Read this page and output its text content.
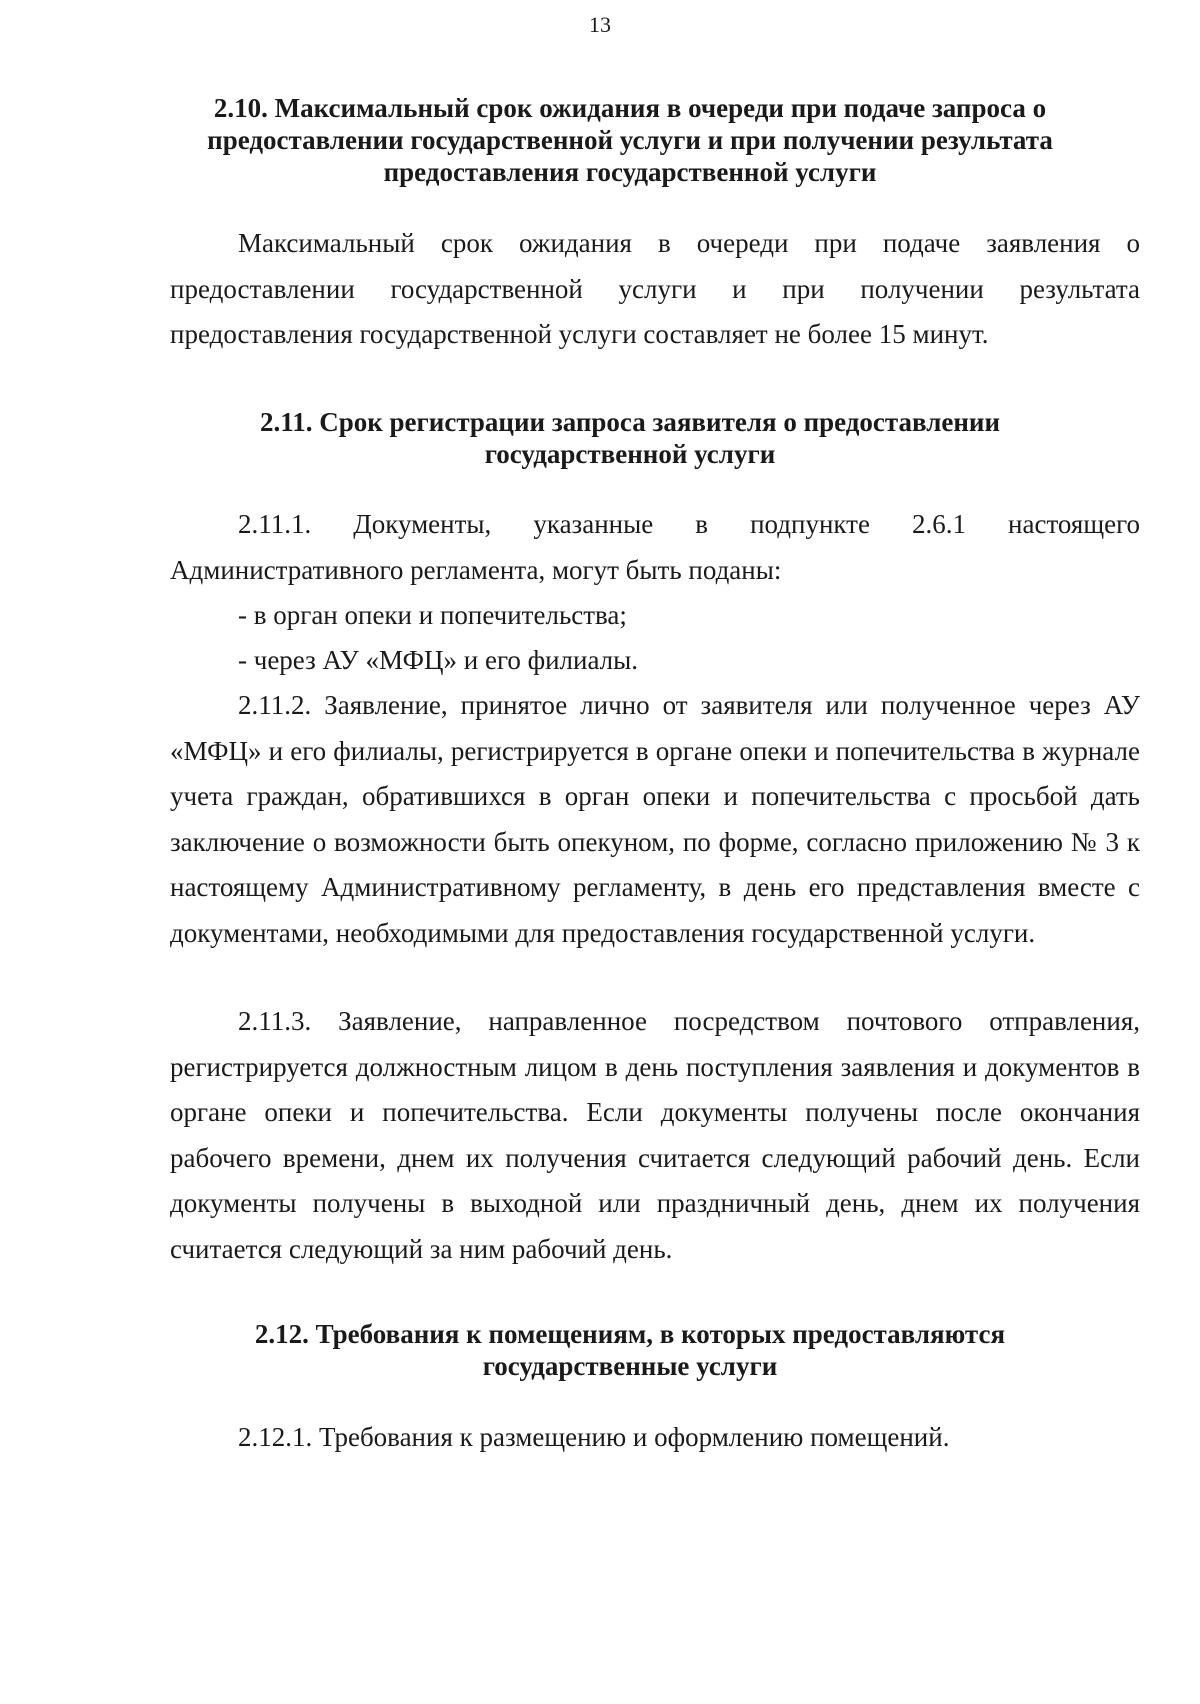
13
2.10. Максимальный срок ожидания в очереди при подаче запроса о
предоставлении государственной услуги и при получении результата
предоставления государственной услуги

Максимальный срок ожидания в очереди при подаче заявления о предоставлении государственной услуги и при получении результата предоставления государственной услуги составляет не более 15 минут.

2.11. Срок регистрации запроса заявителя о предоставлении
государственной услуги

2.11.1. Документы, указанные в подпункте 2.6.1 настоящего Административного регламента, могут быть поданы:

- в орган опеки и попечительства;

- через АУ «МФЦ» и его филиалы.

2.11.2. Заявление, принятое лично от заявителя или полученное через АУ «МФЦ» и его филиалы, регистрируется в органе опеки и попечительства в журнале учета граждан, обратившихся в орган опеки и попечительства с просьбой дать заключение о возможности быть опекуном, по форме, согласно приложению № 3 к настоящему Административному регламенту, в день его представления вместе с документами, необходимыми для предоставления государственной услуги.

2.11.3. Заявление, направленное посредством почтового отправления, регистрируется должностным лицом в день поступления заявления и документов в органе опеки и попечительства. Если документы получены после окончания рабочего времени, днем их получения считается следующий рабочий день. Если документы получены в выходной или праздничный день, днем их получения считается следующий за ним рабочий день.

2.12. Требования к помещениям, в которых предоставляются
государственные услуги

2.12.1. Требования к размещению и оформлению помещений.
